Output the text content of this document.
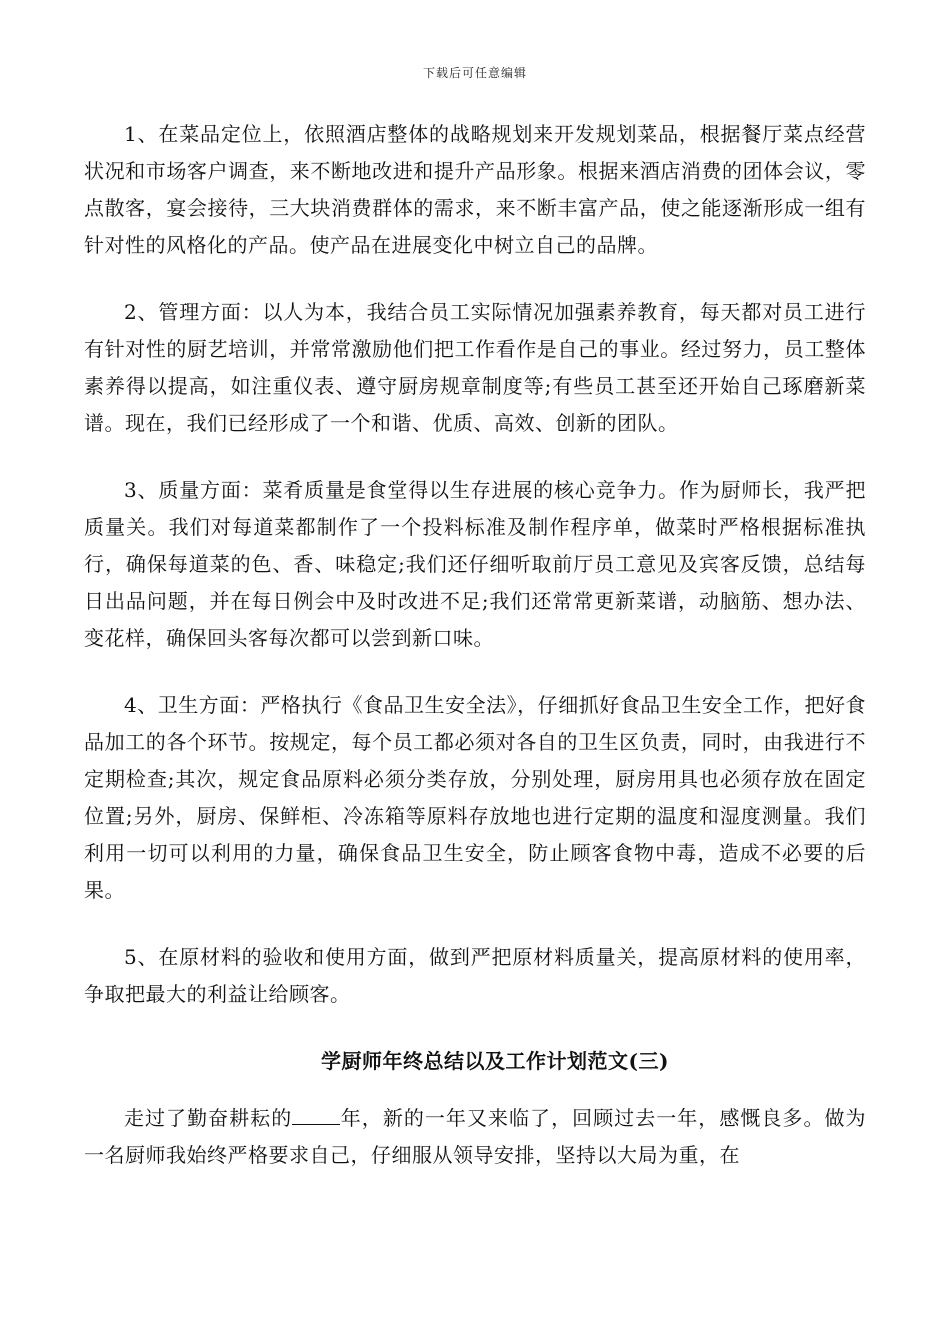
下载后可任意编辑

1、在菜品定位上，依照酒店整体的战略规划来开发规划菜品，根据餐厅菜点经营状况和市场客户调查，来不断地改进和提升产品形象。根据来酒店消费的团体会议，零点散客，宴会接待，三大块消费群体的需求，来不断丰富产品，使之能逐渐形成一组有针对性的风格化的产品。使产品在进展变化中树立自己的品牌。

2、管理方面：以人为本，我结合员工实际情况加强素养教育，每天都对员工进行有针对性的厨艺培训，并常常激励他们把工作看作是自己的事业。经过努力，员工整体素养得以提高，如注重仪表、遵守厨房规章制度等;有些员工甚至还开始自己琢磨新菜谱。现在，我们已经形成了一个和谐、优质、高效、创新的团队。

3、质量方面：菜肴质量是食堂得以生存进展的核心竞争力。作为厨师长，我严把质量关。我们对每道菜都制作了一个投料标准及制作程序单，做菜时严格根据标准执行，确保每道菜的色、香、味稳定;我们还仔细听取前厅员工意见及宾客反馈，总结每日出品问题，并在每日例会中及时改进不足;我们还常常更新菜谱，动脑筋、想办法、变花样，确保回头客每次都可以尝到新口味。

4、卫生方面：严格执行《食品卫生安全法》，仔细抓好食品卫生安全工作，把好食品加工的各个环节。按规定，每个员工都必须对各自的卫生区负责，同时，由我进行不定期检查;其次，规定食品原料必须分类存放，分别处理，厨房用具也必须存放在固定位置;另外，厨房、保鲜柜、冷冻箱等原料存放地也进行定期的温度和湿度测量。我们利用一切可以利用的力量，确保食品卫生安全，防止顾客食物中毒，造成不必要的后果。

5、在原材料的验收和使用方面，做到严把原材料质量关，提高原材料的使用率，争取把最大的利益让给顾客。

学厨师年终总结以及工作计划范文(三)

走过了勤奋耕耘的 年，新的一年又来临了，回顾过去一年，感慨良多。做为一名厨师我始终严格要求自己，仔细服从领导安排，坚持以大局为重，在
